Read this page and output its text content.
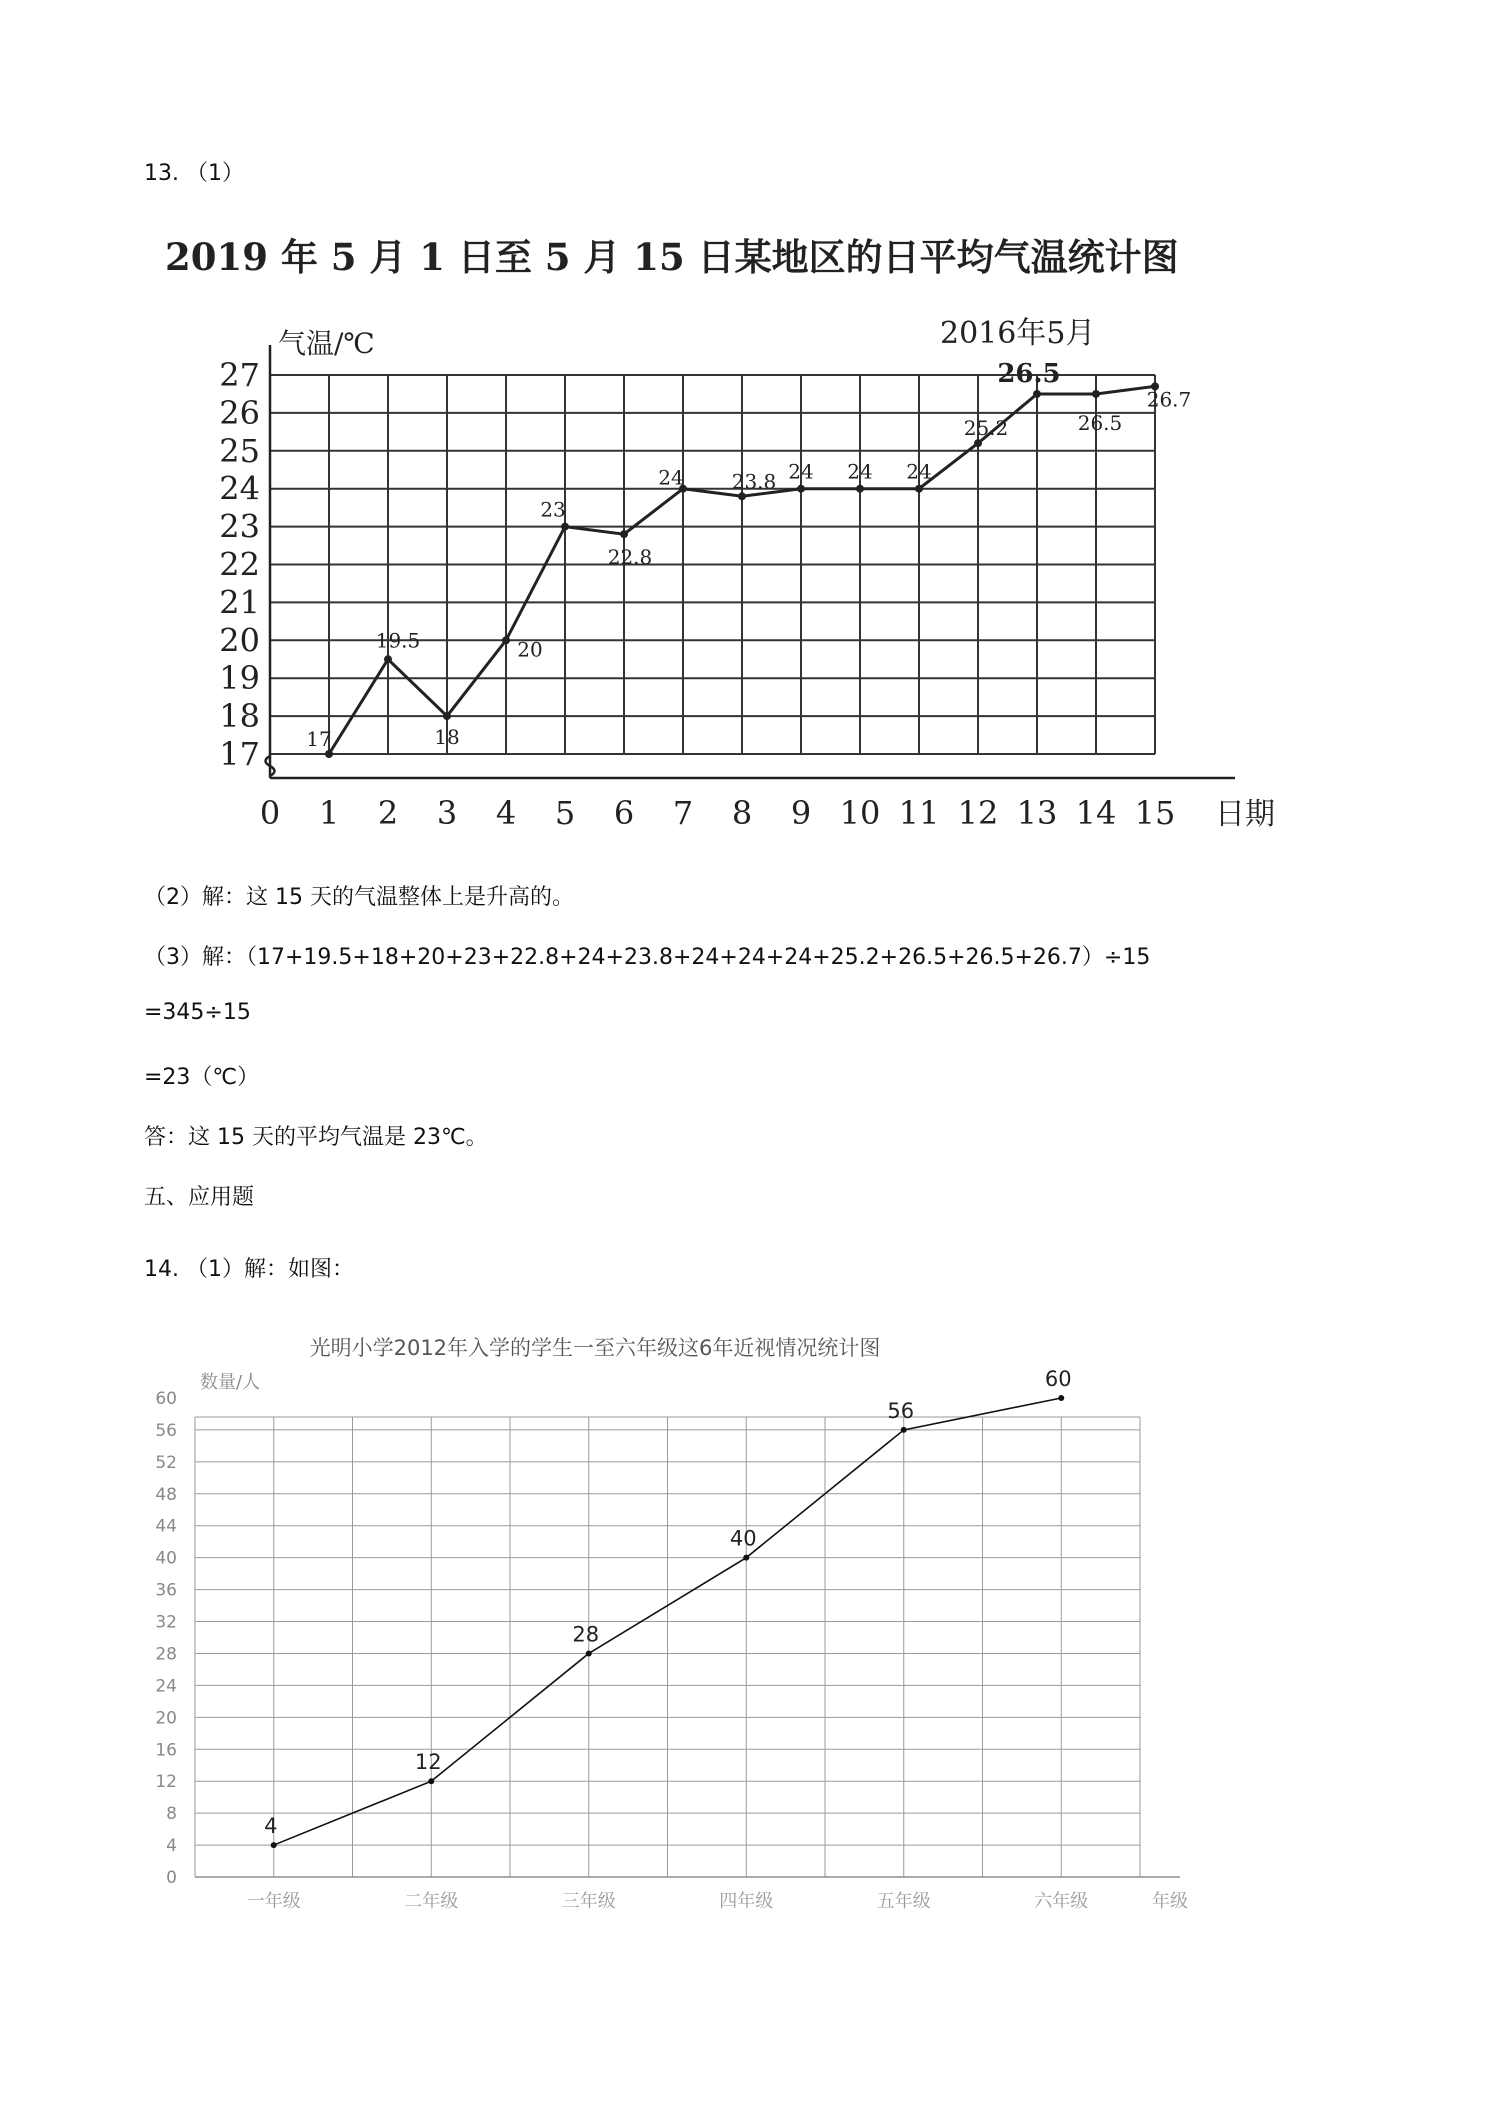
13. （1）
2019 年 5 月 1 日至 5 月 15 日某地区的日平均气温统计图
气温/℃	2016年5月
17
18
19
20
21
22
23
24
25
26
27
0 1 2 3 4 5 6 7 8 9 10 11 12 13 14 15 日期
17
19.5
18
20
23
22.8
24 23.8 24 24 24
25.2
26.5
26.5
26.7
（2）解：这 15 天的气温整体上是升高的。
（3）解：（17+19.5+18+20+23+22.8+24+23.8+24+24+24+25.2+26.5+26.5+26.7）÷15
=345÷15
=23（℃）
答：这 15 天的平均气温是 23℃。
五、应用题
14. （1）解：如图：
光明小学2012年入学的学生一至六年级这6年近视情况统计图
数量/人
0
4
8
12
16
20
24
28
32
36
40
44
48
52
56
60
一年级	二年级	三年级	四年级	五年级	六年级	年级
4
12
28
40
56
60
